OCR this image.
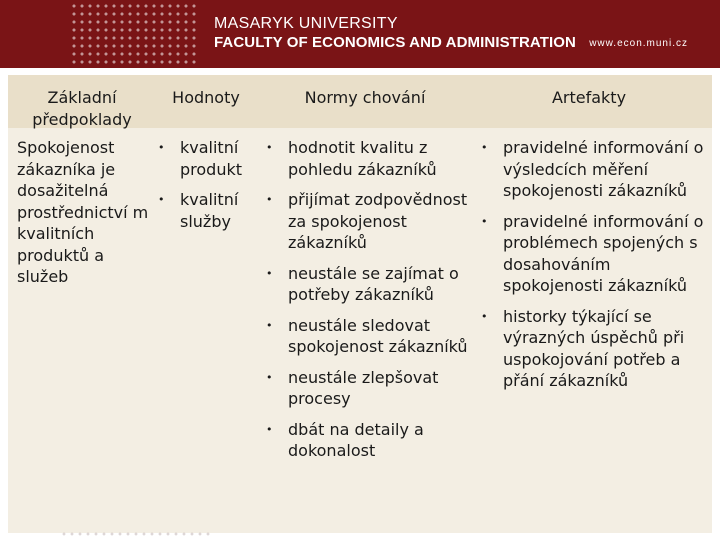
MASARYK UNIVERSITY
FACULTY OF ECONOMICS AND ADMINISTRATION www.econ.muni.cz
Základní předpoklady
Hodnoty	Normy chování	Artefakty
Spokojenost zákazníka je dosažitelná prostřednictví m kvalitních produktů a služeb
• kvalitní produkt
• kvalitní služby
• hodnotit kvalitu z pohledu zákazníků
• přijímat zodpovědnost za spokojenost zákazníků
• neustále se zajímat o potřeby zákazníků
• neustále sledovat spokojenost zákazníků
• neustále zlepšovat procesy
• dbát na detaily a dokonalost
• pravidelné informování o výsledcích měření spokojenosti zákazníků
• pravidelné informování o problémech spojených s dosahováním spokojenosti zákazníků
• historky týkající se výrazných úspěchů při uspokojování potřeb a přání zákazníků
